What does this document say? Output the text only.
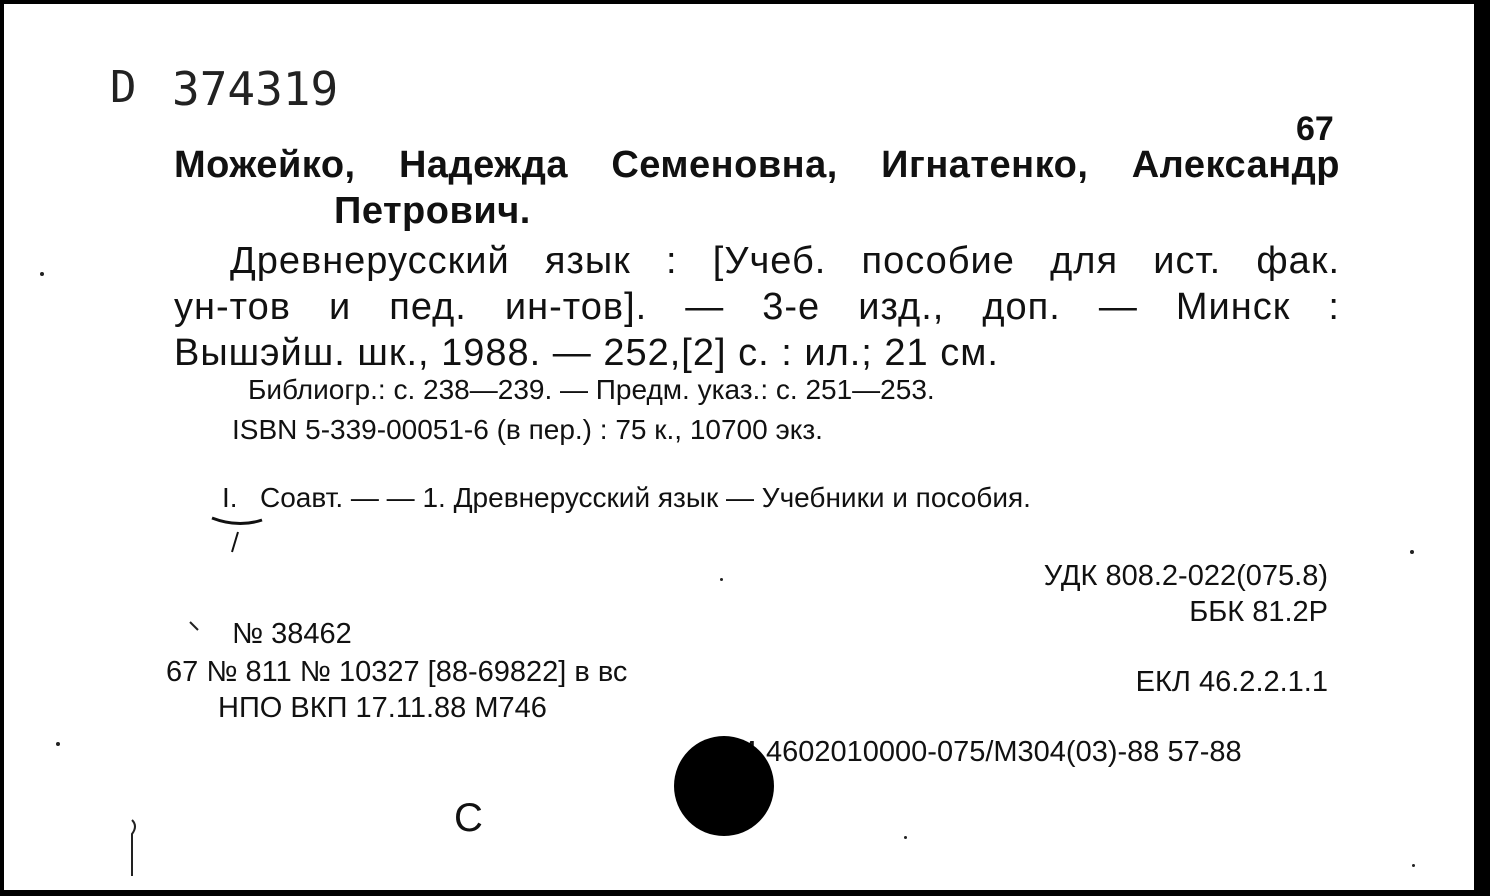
D 374319
67
Можейко, Надежда Семеновна, Игнатенко, Александр
Петрович.
Древнерусский язык : [Учеб. пособие для ист. фак.
ун-тов и пед. ин-тов]. — 3-е изд., доп. — Минск :
Вышэйш. шк., 1988. — 252,[2] с. : ил.; 21 см.
Библиогр.: с. 238—239. — Предм. указ.: с. 251—253.
ISBN 5-339-00051-6 (в пер.) : 75 к., 10700 экз.
I. Соавт. — — 1. Древнерусский язык — Учебники и пособия.
УДК 808.2-022(075.8)
ББК 81.2Р
№ 38462
67 № 811 № 10327 [88-69822] в вс
НПО ВКП 17.11.88 М746
ЕКЛ 46.2.2.1.1
4602010000-075/М304(03)-88 57-88
С
